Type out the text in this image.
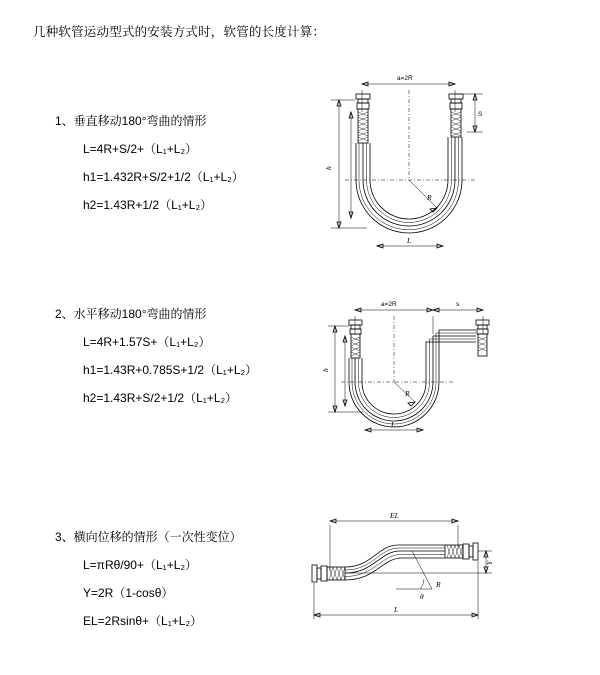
几种软管运动型式的安装方式时，软管的长度计算：
1、垂直移动180°弯曲的情形
L=4R+S/2+（L₁+L₂）
h1=1.432R+S/2+1/2（L₁+L₂）
h2=1.43R+1/2（L₁+L₂）
a=2R
S
h
R
L
2、水平移动180°弯曲的情形
L=4R+1.57S+（L₁+L₂）
h1=1.43R+0.785S+1/2（L₁+L₂）
h2=1.43R+S/2+1/2（L₁+L₂）
a=2R	s
h
R
L
3、横向位移的情形（一次性变位）
L=πRθ/90+（L₁+L₂）
Y=2R（1-cosθ）
EL=2Rsinθ+（L₁+L₂）
EL
Y
θ
R
L
